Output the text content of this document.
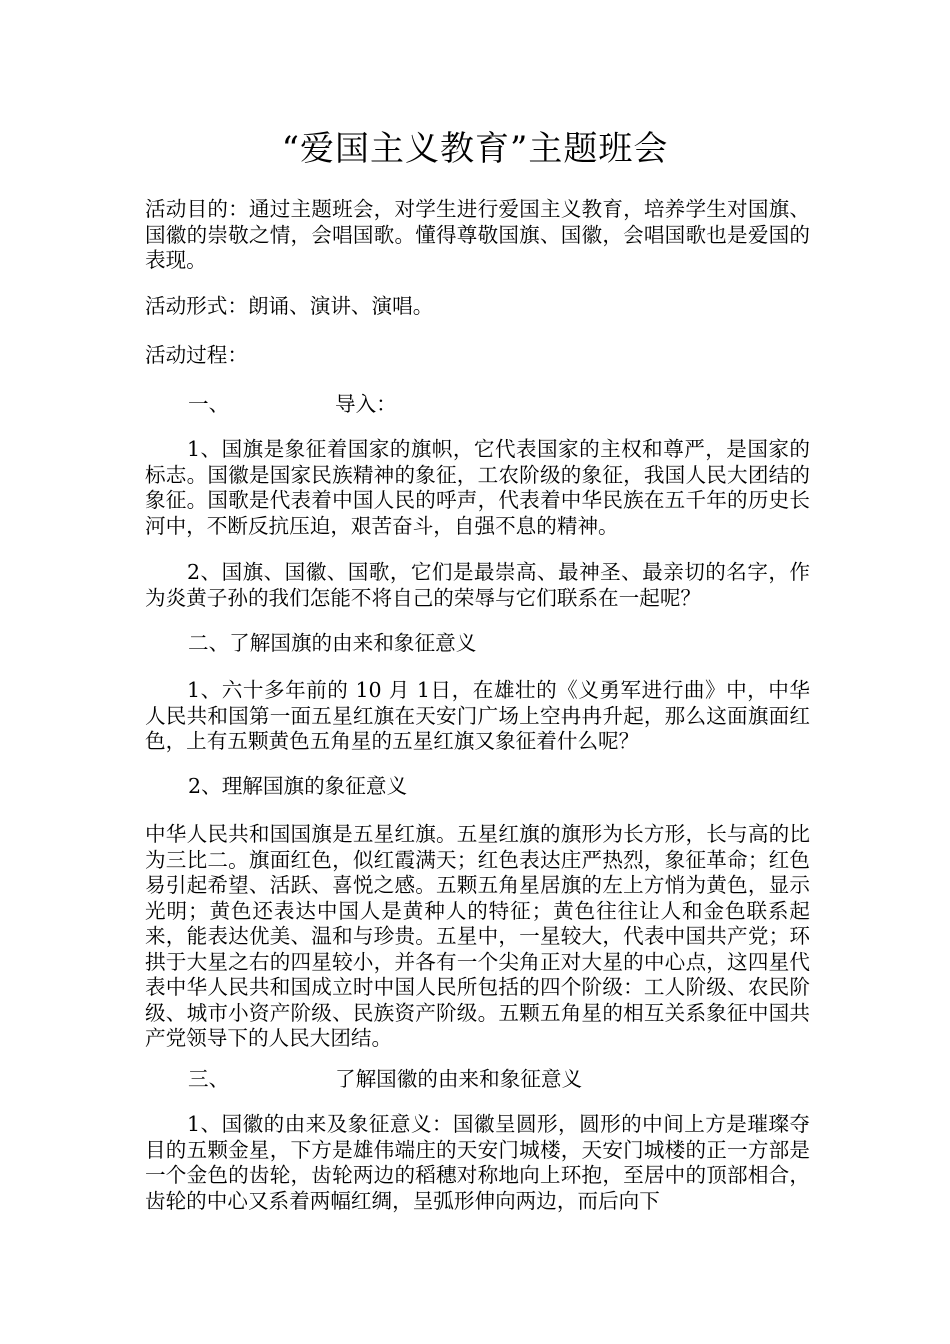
“爱国主义教育”主题班会

活动目的：通过主题班会，对学生进行爱国主义教育，培养学生对国旗、国徽的崇敬之情，会唱国歌。懂得尊敬国旗、国徽，会唱国歌也是爱国的表现。

活动形式：朗诵、演讲、演唱。
活动过程：
一、	导入：

1、国旗是象征着国家的旗帜，它代表国家的主权和尊严，是国家的标志。国徽是国家民族精神的象征，工农阶级的象征，我国人民大团结的象征。国歌是代表着中国人民的呼声，代表着中华民族在五千年的历史长河中，不断反抗压迫，艰苦奋斗，自强不息的精神。

2、国旗、国徽、国歌，它们是最崇高、最神圣、最亲切的名字，作为炎黄子孙的我们怎能不将自己的荣辱与它们联系在一起呢？

二、了解国旗的由来和象征意义

1、六十多年前的 10 月 1日，在雄壮的《义勇军进行曲》中，中华人民共和国第一面五星红旗在天安门广场上空冉冉升起，那么这面旗面红色，上有五颗黄色五角星的五星红旗又象征着什么呢？

2、理解国旗的象征意义

中华人民共和国国旗是五星红旗。五星红旗的旗形为长方形，长与高的比为三比二。旗面红色，似红霞满天；红色表达庄严热烈，象征革命；红色易引起希望、活跃、喜悦之感。五颗五角星居旗的左上方悄为黄色，显示光明；黄色还表达中国人是黄种人的特征；黄色往往让人和金色联系起来，能表达优美、温和与珍贵。五星中，一星较大，代表中国共产党；环拱于大星之右的四星较小，并各有一个尖角正对大星的中心点，这四星代表中华人民共和国成立时中国人民所包括的四个阶级：工人阶级、农民阶级、城市小资产阶级、民族资产阶级。五颗五角星的相互关系象征中国共产党领导下的人民大团结。

三、	了解国徽的由来和象征意义

1、国徽的由来及象征意义：国徽呈圆形，圆形的中间上方是璀璨夺目的五颗金星，下方是雄伟端庄的天安门城楼，天安门城楼的正一方部是一个金色的齿轮，齿轮两边的稻穗对称地向上环抱，至居中的顶部相合，齿轮的中心又系着两幅红绸，呈弧形伸向两边，而后向下
